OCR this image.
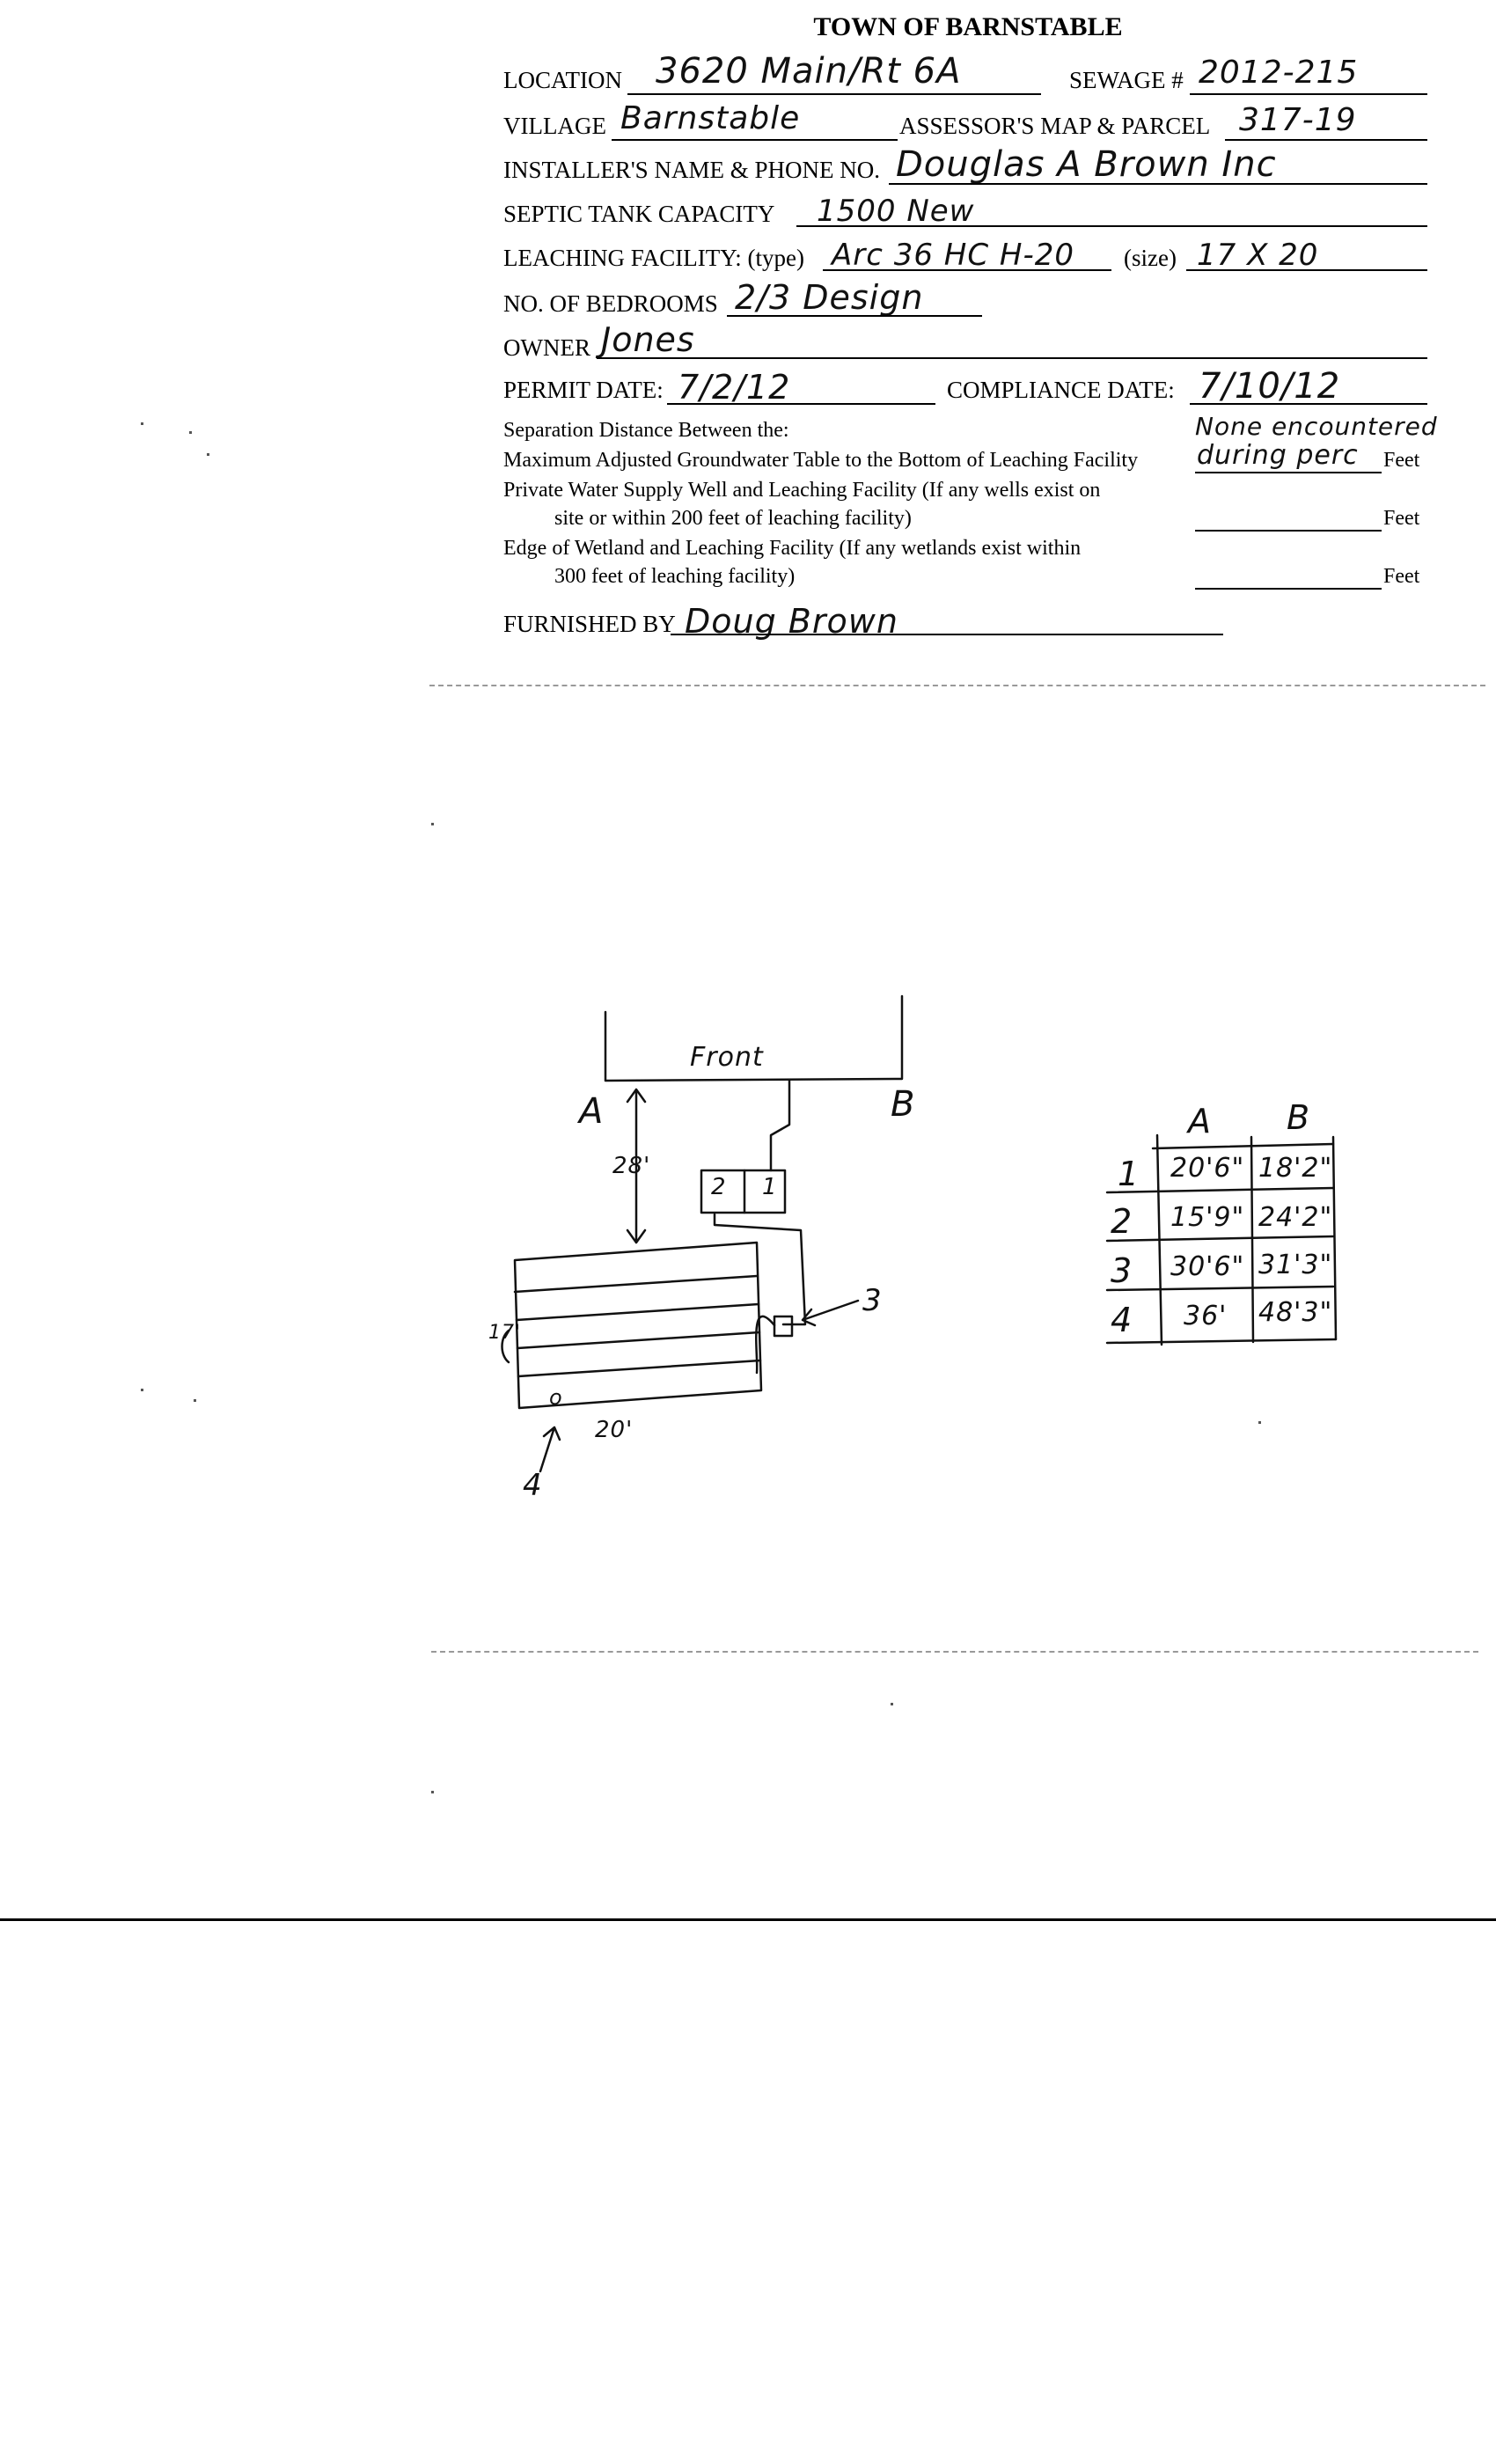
TOWN OF BARNSTABLE
LOCATION 3620 Main/Rt 6A	SEWAGE # 2012-215
VILLAGE Barnstable	ASSESSOR'S MAP & PARCEL 317-19
INSTALLER'S NAME & PHONE NO. Douglas A Brown Inc
SEPTIC TANK CAPACITY 1500 New
LEACHING FACILITY: (type) Arc 36 HC H-20 (size) 17 X 20
NO. OF BEDROOMS 2/3 Design
OWNER Jones
PERMIT DATE: 7/2/12	COMPLIANCE DATE: 7/10/12
Separation Distance Between the:	None encountered
Maximum Adjusted Groundwater Table to the Bottom of Leaching Facility during perc Feet
Private Water Supply Well and Leaching Facility (If any wells exist on
site or within 200 feet of leaching facility)	Feet
Edge of Wetland and Leaching Facility (If any wetlands exist within
300 feet of leaching facility)	Feet
FURNISHED BY Doug Brown
Front
A	B
28'
2 1
3
17'
o
20'
4
A B
1 20'6" 18'2"
2 15'9" 24'2"
3 30'6" 31'3"
4 36' 48'3"
